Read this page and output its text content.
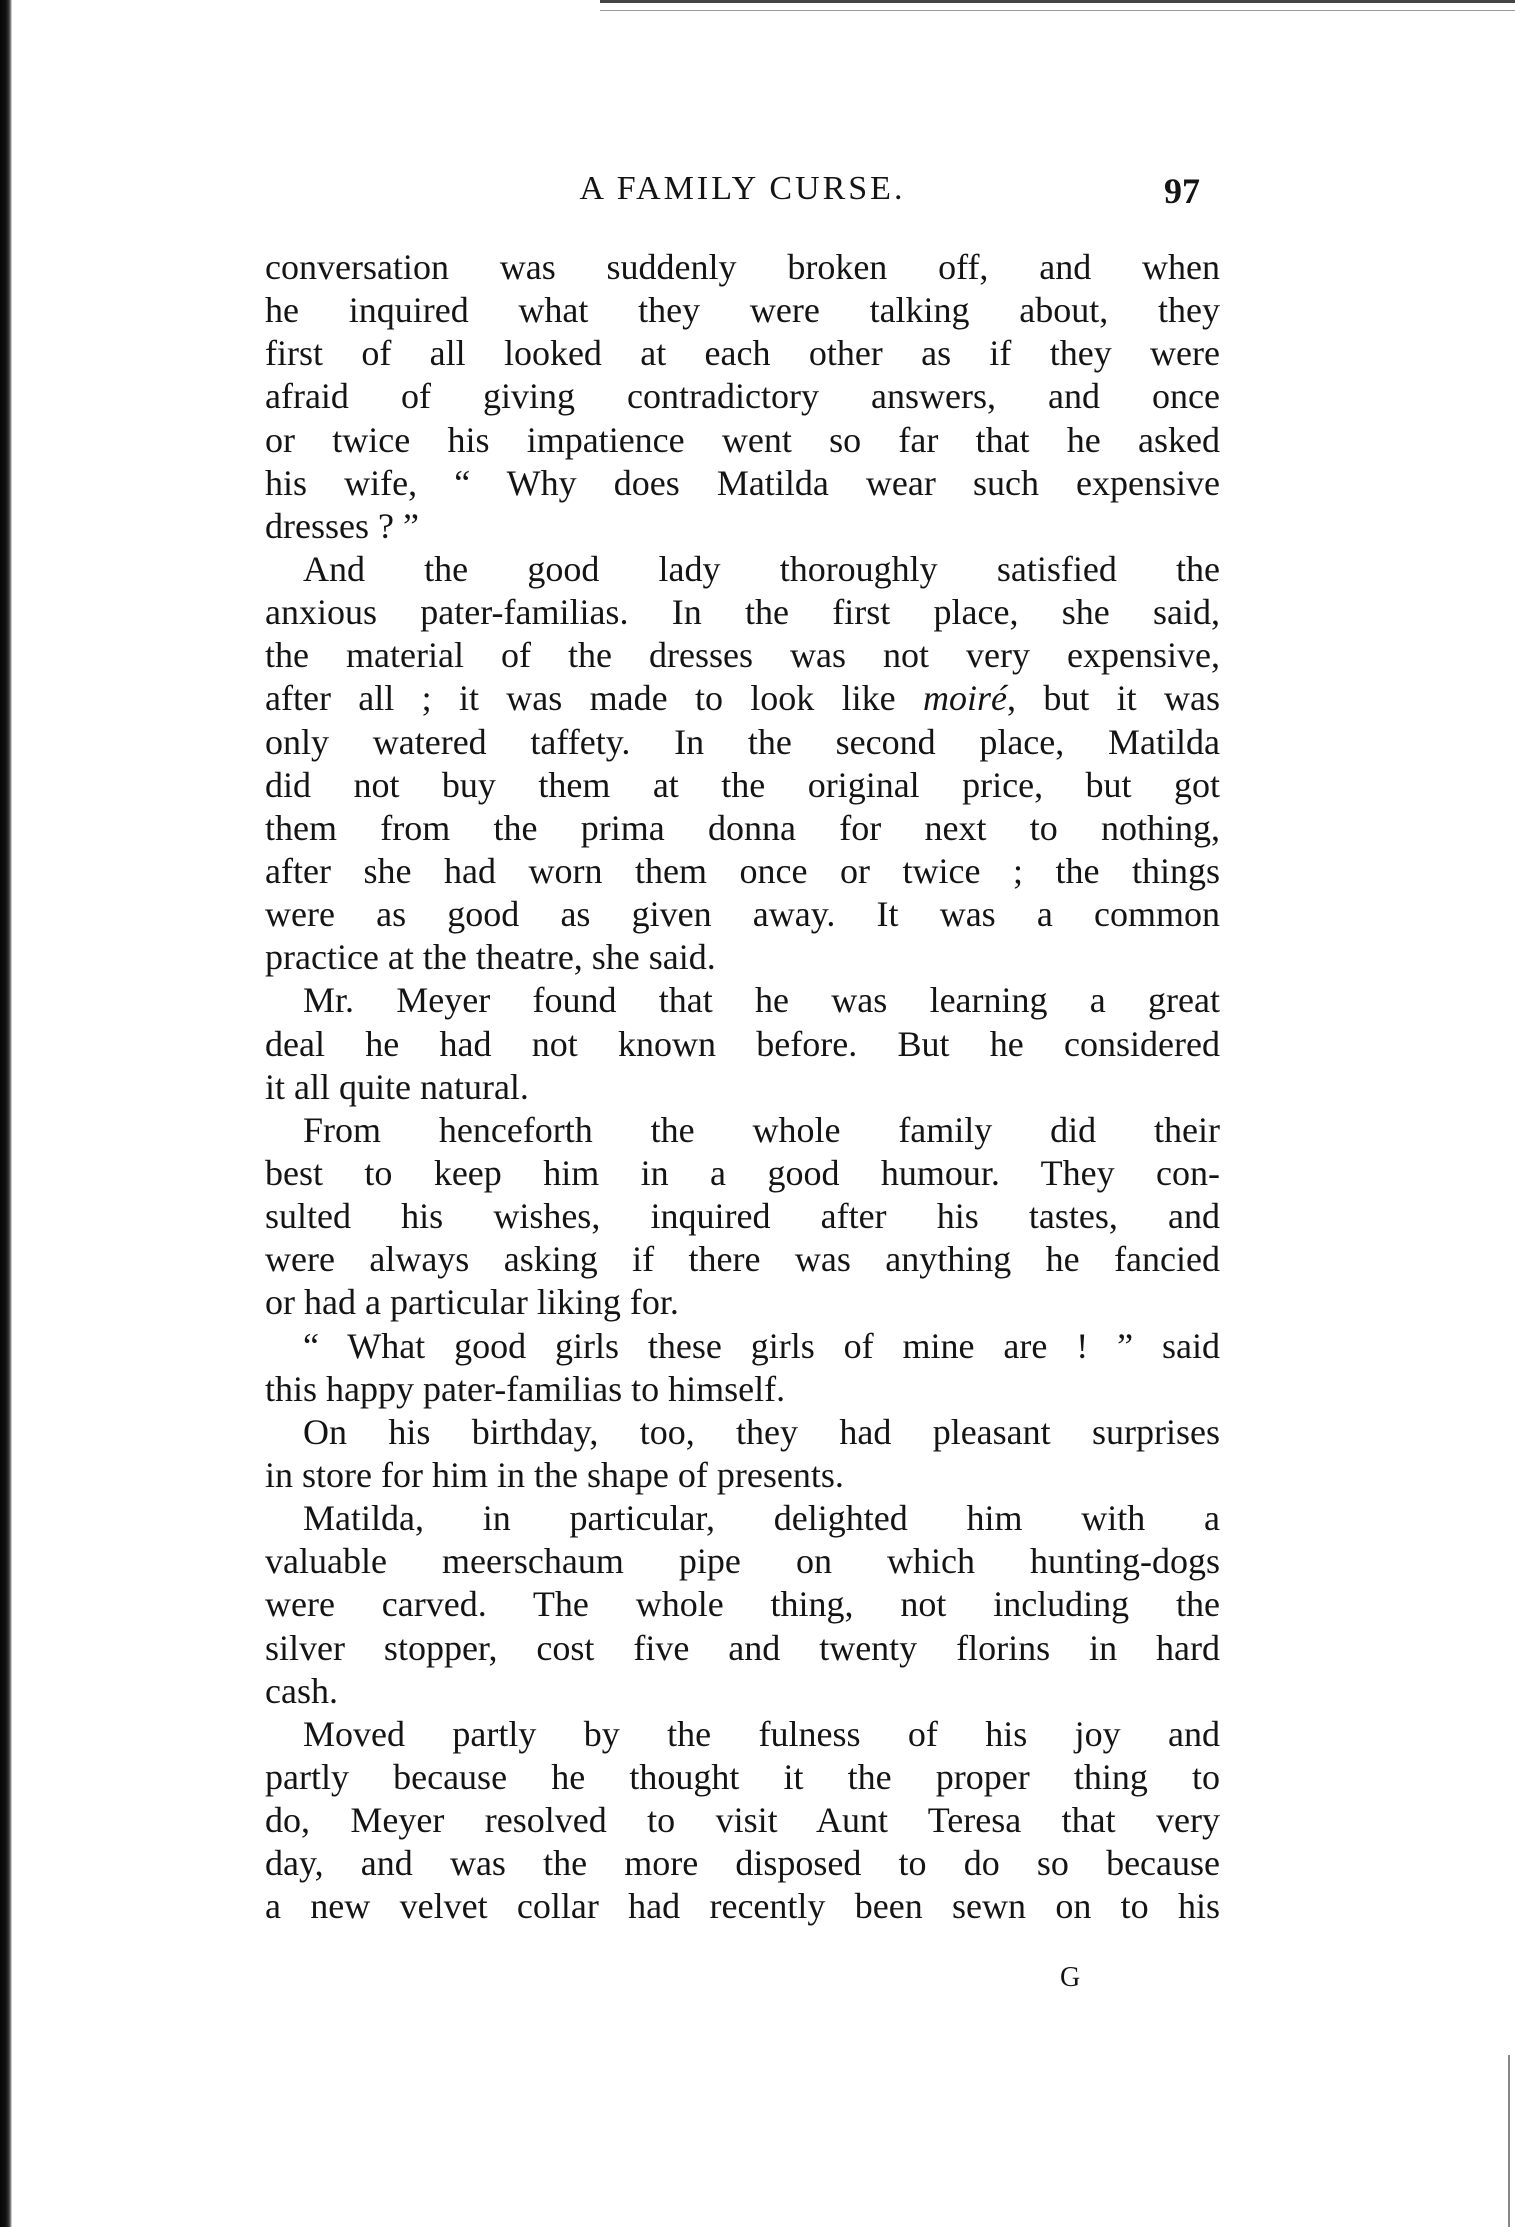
A FAMILY CURSE.	97
conversation was suddenly broken off, and when
he inquired what they were talking about, they
first of all looked at each other as if they were
afraid of giving contradictory answers, and once
or twice his impatience went so far that he asked
his wife, “ Why does Matilda wear such expensive
dresses ? ”
And the good lady thoroughly satisfied the
anxious pater-familias. In the first place, she said,
the material of the dresses was not very expensive,
after all ; it was made to look like moiré, but it was
only watered taffety. In the second place, Matilda
did not buy them at the original price, but got
them from the prima donna for next to nothing,
after she had worn them once or twice ; the things
were as good as given away. It was a common
practice at the theatre, she said.
Mr. Meyer found that he was learning a great
deal he had not known before. But he considered
it all quite natural.
From henceforth the whole family did their
best to keep him in a good humour. They con-
sulted his wishes, inquired after his tastes, and
were always asking if there was anything he fancied
or had a particular liking for.
“ What good girls these girls of mine are ! ” said
this happy pater-familias to himself.
On his birthday, too, they had pleasant surprises
in store for him in the shape of presents.
Matilda, in particular, delighted him with a
valuable meerschaum pipe on which hunting-dogs
were carved. The whole thing, not including the
silver stopper, cost five and twenty florins in hard
cash.
Moved partly by the fulness of his joy and
partly because he thought it the proper thing to
do, Meyer resolved to visit Aunt Teresa that very
day, and was the more disposed to do so because
a new velvet collar had recently been sewn on to his
G
